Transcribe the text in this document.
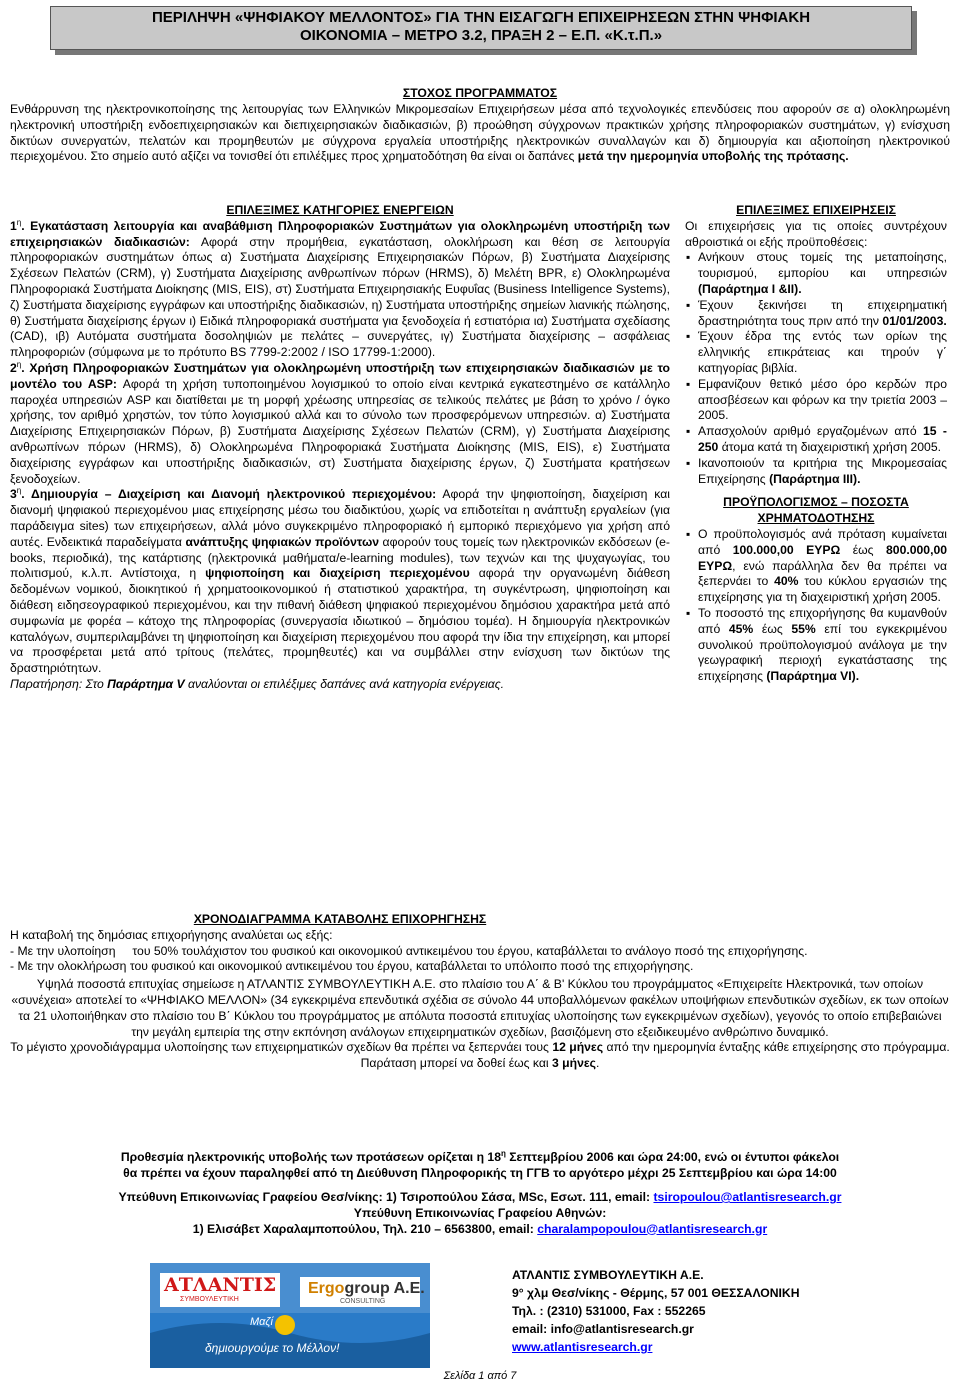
ΠΕΡΙΛΗΨΗ «ΨΗΦΙΑΚΟΥ ΜΕΛΛΟΝΤΟΣ» ΓΙΑ ΤΗΝ ΕΙΣΑΓΩΓΗ ΕΠΙΧΕΙΡΗΣΕΩΝ ΣΤΗΝ ΨΗΦΙΑΚΗ
ΟΙΚΟΝΟΜΙΑ – ΜΕΤΡΟ 3.2, ΠΡΑΞΗ 2 – Ε.Π. «Κ.τ.Π.»
ΣΤΟΧΟΣ ΠΡΟΓΡΑΜΜΑΤΟΣ
Ενθάρρυνση της ηλεκτρονικοποίησης της λειτουργίας των Ελληνικών Μικρομεσαίων Επιχειρήσεων μέσα από τεχνολογικές επενδύσεις που αφορούν σε α) ολοκληρωμένη ηλεκτρονική υποστήριξη ενδοεπιχειρησιακών και διεπιχειρησιακών διαδικασιών, β) προώθηση σύγχρονων πρακτικών χρήσης πληροφοριακών συστημάτων, γ) ενίσχυση δικτύων συνεργατών, πελατών και προμηθευτών με σύγχρονα εργαλεία υποστήριξης ηλεκτρονικών συναλλαγών και δ) δημιουργία και αξιοποίηση ηλεκτρονικού περιεχομένου. Στο σημείο αυτό αξίζει να τονισθεί ότι επιλέξιμες προς χρηματοδότηση θα είναι οι δαπάνες μετά την ημερομηνία υποβολής της πρότασης.
ΕΠΙΛΕΞΙΜΕΣ ΚΑΤΗΓΟΡΙΕΣ ΕΝΕΡΓΕΙΩΝ

$1^\eta$. Εγκατάσταση λειτουργία και αναβάθμιση Πληροφοριακών Συστημάτων για ολοκληρωμένη υποστήριξη των επιχειρησιακών διαδικασιών: Αφορά στην προμήθεια, εγκατάσταση, ολοκλήρωση και θέση σε λειτουργία πληροφοριακών συστημάτων όπως α) Συστήματα Διαχείρισης Επιχειρησιακών Πόρων, β) Συστήματα Διαχείρισης Σχέσεων Πελατών (CRM), γ) Συστήματα Διαχείρισης ανθρωπίνων πόρων (HRMS), δ) Μελέτη BPR, ε) Ολοκληρωμένα Πληροφοριακά Συστήματα Διοίκησης (MIS, EIS), στ) Συστήματα Επιχειρησιακής Ευφυΐας (Business Intelligence Systems), ζ) Συστήματα διαχείρισης εγγράφων και υποστήριξης διαδικασιών, η) Συστήματα υποστήριξης σημείων λιανικής πώλησης, θ) Συστήματα διαχείρισης έργων ι) Ειδικά πληροφοριακά συστήματα για ξενοδοχεία ή εστιατόρια ια) Συστήματα σχεδίασης (CAD), ιβ) Αυτόματα συστήματα δοσοληψιών με πελάτες – συνεργάτες, ιγ) Συστήματα διαχείρισης – ασφάλειας πληροφοριών (σύμφωνα με το πρότυπο BS 7799-2:2002 / ISO 17799-1:2000).

$2^\eta$. Χρήση Πληροφοριακών Συστημάτων για ολοκληρωμένη υποστήριξη των επιχειρησιακών διαδικασιών με το μοντέλο του ASP: Αφορά τη χρήση τυποποιημένου λογισμικού το οποίο είναι κεντρικά εγκατεστημένο σε κατάλληλο παροχέα υπηρεσιών ASP και διατίθεται με τη μορφή χρέωσης υπηρεσίας σε τελικούς πελάτες με βάση το χρόνο / όγκο χρήσης, τον αριθμό χρηστών, τον τύπο λογισμικού αλλά και το σύνολο των προσφερόμενων υπηρεσιών. α) Συστήματα Διαχείρισης Επιχειρησιακών Πόρων, β) Συστήματα Διαχείρισης Σχέσεων Πελατών (CRM), γ) Συστήματα Διαχείρισης ανθρωπίνων πόρων (HRMS), δ) Ολοκληρωμένα Πληροφοριακά Συστήματα Διοίκησης (MIS, EIS), ε) Συστήματα διαχείρισης εγγράφων και υποστήριξης διαδικασιών, στ) Συστήματα διαχείρισης έργων, ζ) Συστήματα κρατήσεων ξενοδοχείων.

$3^\eta$. Δημιουργία – Διαχείριση και Διανομή ηλεκτρονικού περιεχομένου: Αφορά την ψηφιοποίηση, διαχείριση και διανομή ψηφιακού περιεχομένου μιας επιχείρησης μέσω του διαδικτύου, χωρίς να επιδοτείται η ανάπτυξη εργαλείων (για παράδειγμα sites) των επιχειρήσεων, αλλά μόνο συγκεκριμένο πληροφοριακό ή εμπορικό περιεχόμενο για χρήση από αυτές. Ενδεικτικά παραδείγματα ανάπτυξης ψηφιακών προϊόντων αφορούν τους τομείς των ηλεκτρονικών εκδόσεων (e-books, περιοδικά), της κατάρτισης (ηλεκτρονικά μαθήματα/e-learning modules), των τεχνών και της ψυχαγωγίας, του πολιτισμού, κ.λ.π. Αντίστοιχα, η ψηφιοποίηση και διαχείριση περιεχομένου αφορά την οργανωμένη διάθεση δεδομένων νομικού, διοικητικού ή χρηματοοικονομικού ή στατιστικού χαρακτήρα, τη συγκέντρωση, ψηφιοποίηση και διάθεση ειδησεογραφικού περιεχομένου, και την πιθανή διάθεση ψηφιακού περιεχομένου δημόσιου χαρακτήρα μετά από συμφωνία με φορέα – κάτοχο της πληροφορίας (συνεργασία ιδιωτικού – δημόσιου τομέα). Η δημιουργία ηλεκτρονικών καταλόγων, συμπεριλαμβάνει τη ψηφιοποίηση και διαχείριση περιεχομένου που αφορά την ίδια την επιχείρηση, και μπορεί να προσφέρεται μετά από τρίτους (πελάτες, προμηθευτές) και να συμβάλλει στην ενίσχυση των δικτύων της δραστηριότητων.

Παρατήρηση: Στο Παράρτημα V αναλύονται οι επιλέξιμες δαπάνες ανά κατηγορία ενέργειας.

ΕΠΙΛΕΞΙΜΕΣ ΕΠΙΧΕΙΡΗΣΕΙΣ

Οι επιχειρήσεις για τις οποίες συντρέχουν αθροιστικά οι εξής προϋποθέσεις:

▪ Ανήκουν στους τομείς της μεταποίησης, τουρισμού, εμπορίου και υπηρεσιών (Παράρτημα I &II).
▪ Έχουν ξεκινήσει τη επιχειρηματική δραστηριότητα τους πριν από την 01/01/2003.
▪ Έχουν έδρα της εντός των ορίων της ελληνικής επικράτειας και τηρούν γ΄ κατηγορίας βιβλία.
▪ Εμφανίζουν θετικό μέσο όρο κερδών προ αποσβέσεων και φόρων κα την τριετία 2003 – 2005.
▪ Απασχολούν αριθμό εργαζομένων από 15 - 250 άτομα κατά τη διαχειριστική χρήση 2005.
▪ Ικανοποιούν τα κριτήρια της Μικρομεσαίας Επιχείρησης (Παράρτημα III).
ΠΡΟΫΠΟΛΟΓΙΣΜΟΣ – ΠΟΣΟΣΤΑ ΧΡΗΜΑΤΟΔΟΤΗΣΗΣ
▪ Ο προϋπολογισμός ανά πρόταση κυμαίνεται από 100.000,00 ΕΥΡΩ έως 800.000,00 ΕΥΡΩ, ενώ παράλληλα δεν θα πρέπει να ξεπερνάει το 40% του κύκλου εργασιών της επιχείρησης για τη διαχειριστική χρήση 2005.
▪ Το ποσοστό της επιχορήγησης θα κυμανθούν από 45% έως 55% επί του εγκεκριμένου συνολικού προϋπολογισμού ανάλογα με την γεωγραφική περιοχή εγκατάστασης της επιχείρησης (Παράρτημα VI).
ΧΡΟΝΟΔΙΑΓΡΑΜΜΑ ΚΑΤΑΒΟΛΗΣ ΕΠΙΧΟΡΗΓΗΣΗΣ

Η καταβολή της δημόσιας επιχορήγησης αναλύεται ως εξής:

- Με την υλοποίηση     του 50% τουλάχιστον του φυσικού και οικονομικού αντικειμένου του έργου, καταβάλλεται το ανάλογο ποσό της επιχορήγησης.

- Με την ολοκλήρωση του φυσικού και οικονομικού αντικειμένου του έργου, καταβάλλεται το υπόλοιπο ποσό της επιχορήγησης.

Υψηλά ποσοστά επιτυχίας σημείωσε η ΑΤΛΑΝΤΙΣ ΣΥΜΒΟΥΛΕΥΤΙΚΗ Α.Ε. στο πλαίσιο του Α΄ & Β' Κύκλου του προγράμματος «Επιχειρείτε Ηλεκτρονικά, των οποίων «συνέχεια» αποτελεί το «ΨΗΦΙΑΚΟ ΜΕΛΛΟΝ» (34 εγκεκριμένα επενδυτικά σχέδια σε σύνολο 44 υποβαλλόμενων φακέλων υποψήφιων επενδυτικών σχεδίων, εκ των οποίων τα 21 υλοποιήθηκαν στο πλαίσιο του Β΄ Κύκλου του προγράμματος με απόλυτα ποσοστά επιτυχίας υλοποίησης των εγκεκριμένων σχεδίων), γεγονός το οποίο επιβεβαιώνει την μεγάλη εμπειρία της στην εκπόνηση ανάλογων επιχειρηματικών σχεδίων, βασιζόμενη στο εξειδικευμένο ανθρώπινο δυναμικό.

Το μέγιστο χρονοδιάγραμμα υλοποίησης των επιχειρηματικών σχεδίων θα πρέπει να ξεπερνάει τους 12 μήνες από την ημερομηνία ένταξης κάθε επιχείρησης στο πρόγραμμα. Παράταση μπορεί να δοθεί έως και 3 μήνες.

Προθεσμία ηλεκτρονικής υποβολής των προτάσεων ορίζεται η $18^\eta$ Σεπτεμβρίου 2006 και ώρα 24:00, ενώ οι έντυποι φάκελοι

θα πρέπει να έχουν παραληφθεί από τη Διεύθυνση Πληροφορικής τη ΓΓΒ το αργότερο μέχρι 25 Σεπτεμβρίου και ώρα 14:00

Υπεύθυνη Επικοινωνίας Γραφείου Θεσ/νίκης: 1) Τσιροπούλου Σάσα, MSc, Εσωτ. 111, email: tsiropoulou@atlantisresearch.gr

Υπεύθυνη Επικοινωνίας Γραφείου Αθηνών:

1) Ελισάβετ Χαραλαμποπούλου, Τηλ. 210 – 6563800, email: charalampopoulou@atlantisresearch.gr

ΑΤΛΑΝΤΙΣ
ΣΥΜΒΟΥΛΕΥΤΙΚΗ
Μαζί
Ergogroup A.E.
CONSULTING
δημιουργούμε το Μέλλον!

ΑΤΛΑΝΤΙΣ ΣΥΜΒΟΥΛΕΥΤΙΚΗ Α.Ε.

9° χλμ Θεσ/νίκης - Θέρμης, 57 001 ΘΕΣΣΑΛΟΝΙΚΗ

Τηλ. : (2310) 531000, Fax : 552265

email: info@atlantisresearch.gr

www.atlantisresearch.gr

Σελίδα 1 από 7
